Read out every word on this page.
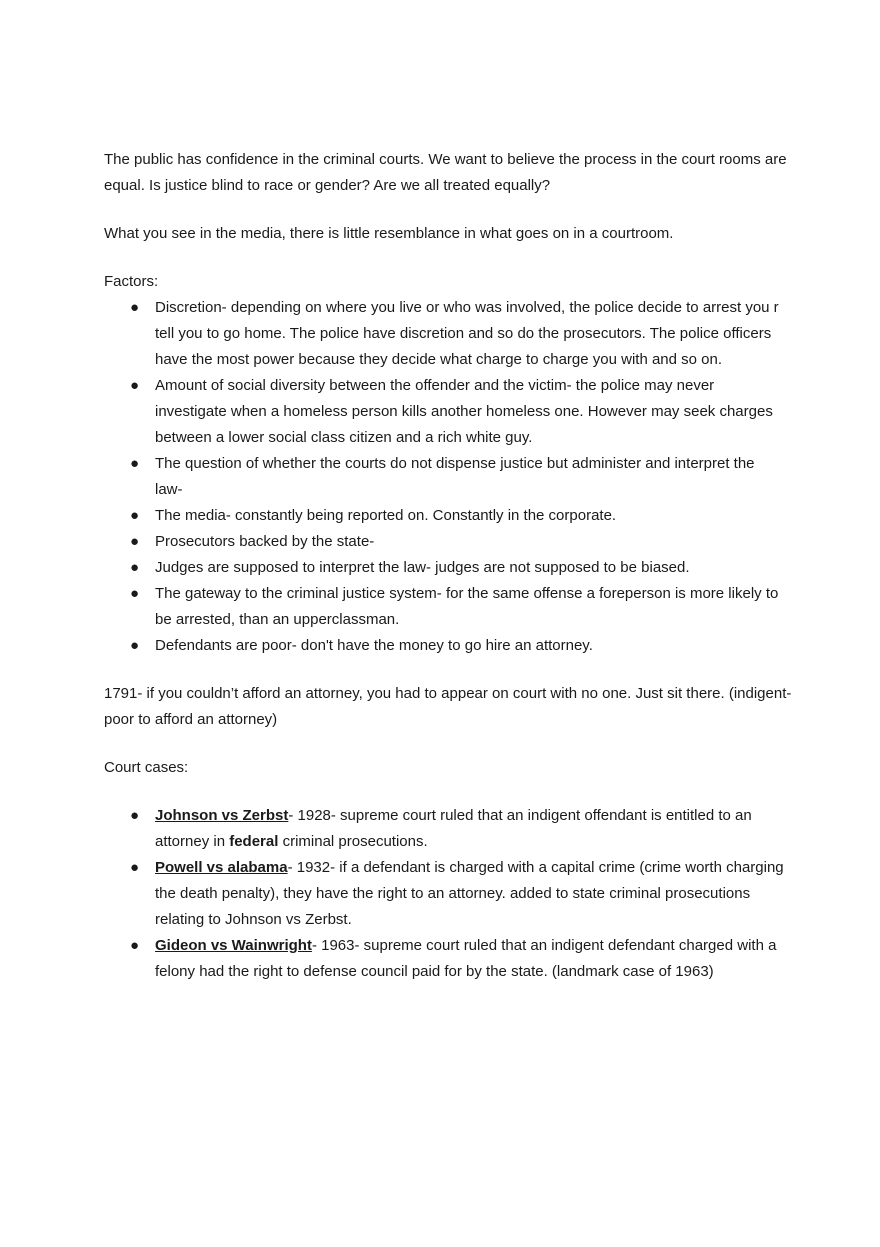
The public has confidence in the criminal courts. We want to believe the process in the court rooms are equal. Is justice blind to race or gender? Are we all treated equally?

What you see in the media, there is little resemblance in what goes on in a courtroom.

Factors:

● Discretion- depending on where you live or who was involved, the police decide to arrest you r tell you to go home. The police have discretion and so do the prosecutors. The police officers have the most power because they decide what charge to charge you with and so on.
● Amount of social diversity between the offender and the victim- the police may never investigate when a homeless person kills another homeless one. However may seek charges between a lower social class citizen and a rich white guy.
● The question of whether the courts do not dispense justice but administer and interpret the law-
● The media- constantly being reported on. Constantly in the corporate.
● Prosecutors backed by the state-
● Judges are supposed to interpret the law- judges are not supposed to be biased.
● The gateway to the criminal justice system- for the same offense a foreperson is more likely to be arrested, than an upperclassman.
● Defendants are poor- don't have the money to go hire an attorney.

1791- if you couldn’t afford an attorney, you had to appear on court with no one. Just sit there. (indigent- poor to afford an attorney)

Court cases:

● Johnson vs Zerbst- 1928- supreme court ruled that an indigent offendant is entitled to an attorney in federal criminal prosecutions.
● Powell vs alabama- 1932- if a defendant is charged with a capital crime (crime worth charging the death penalty), they have the right to an attorney. added to state criminal prosecutions relating to Johnson vs Zerbst.
● Gideon vs Wainwright- 1963- supreme court ruled that an indigent defendant charged with a felony had the right to defense council paid for by the state. (landmark case of 1963)
